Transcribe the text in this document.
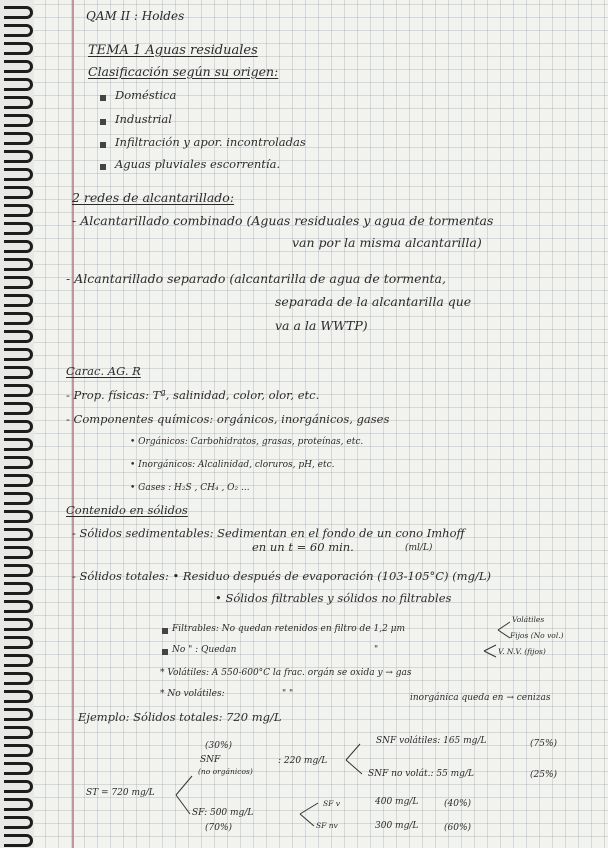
QAM II : Holdes
TEMA 1 Aguas residuales
Clasificación según su origen:
Doméstica
Industrial
Infiltración y apor. incontroladas
Aguas pluviales escorrentía.
2 redes de alcantarillado:
- Alcantarillado combinado (Aguas residuales y agua de tormentas
van por la misma alcantarilla)
- Alcantarillado separado (alcantarilla de agua de tormenta,
separada de la alcantarilla que
va a la WWTP)
Carac. AG. R
- Prop. físicas: Tª, salinidad, color, olor, etc.
- Componentes químicos: orgánicos, inorgánicos, gases
• Orgánicos: Carbohidratos, grasas, proteínas, etc.
• Inorgánicos: Alcalinidad, cloruros, pH, etc.
• Gases : H₂S , CH₄ , O₂ ...
Contenido en sólidos
- Sólidos sedimentables: Sedimentan en el fondo de un cono Imhoff
en un t = 60 min.	(ml/L)
- Sólidos totales: • Residuo después de evaporación (103-105°C) (mg/L)
• Sólidos filtrables y sólidos no filtrables
Filtrables: No quedan retenidos en filtro de 1,2 μm
Volátiles
Fijos (No vol.)
No " : Quedan	"	V. N.V. (fijos)
* Volátiles: A 550-600°C la frac. orgán se oxida y → gas
* No volátiles:	" "	inorgánica queda en → cenizas
Ejemplo: Sólidos totales: 720 mg/L
(30%)
SNF
(no orgánicos)
: 220 mg/L
SNF volátiles: 165 mg/L	(75%)
SNF no volát.: 55 mg/L	(25%)
ST = 720 mg/L
SF: 500 mg/L
(70%)
SF v	400 mg/L	(40%)
SF nv	300 mg/L	(60%)
